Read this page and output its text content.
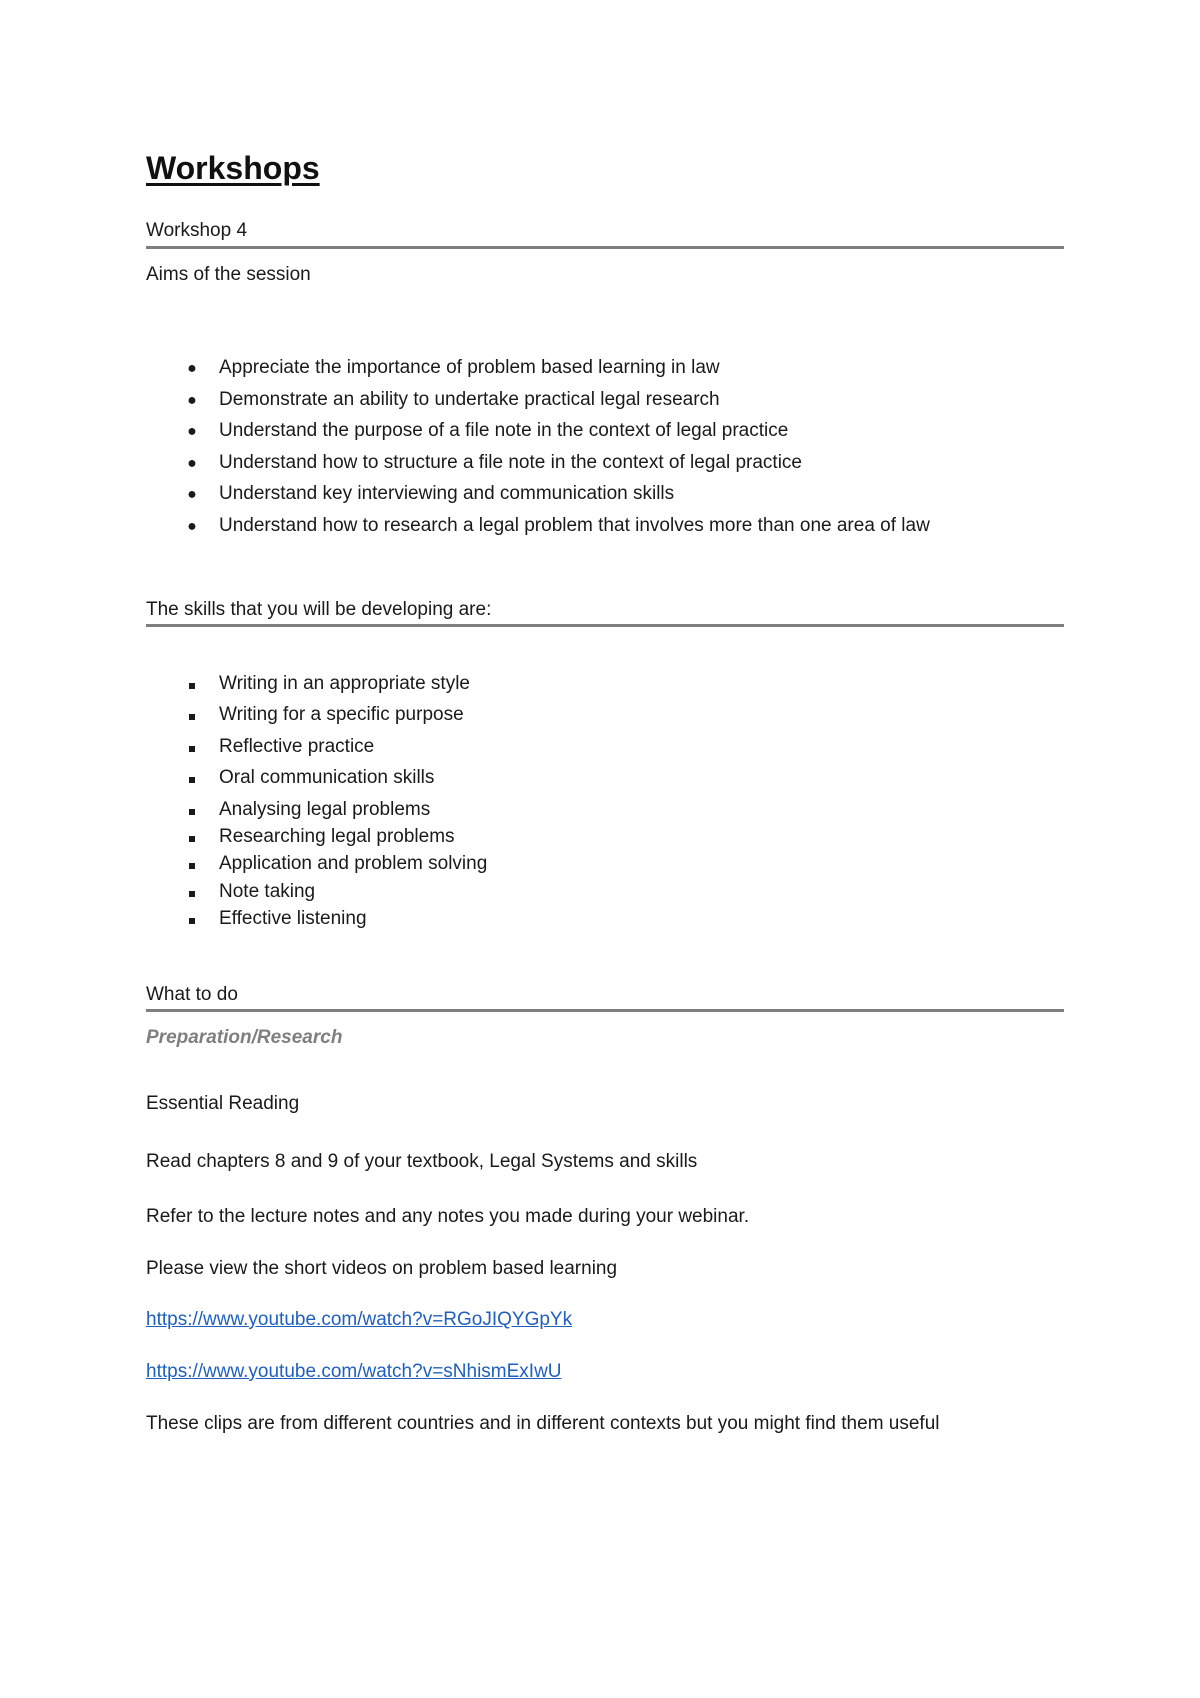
Workshops
Workshop 4
Aims of the session
● Appreciate the importance of problem based learning in law
● Demonstrate an ability to undertake practical legal research
● Understand the purpose of a file note in the context of legal practice
● Understand how to structure a file note in the context of legal practice
● Understand key interviewing and communication skills
● Understand how to research a legal problem that involves more than one area of law
The skills that you will be developing are:
Writing in an appropriate style
Writing for a specific purpose
Reflective practice
Oral communication skills
Analysing legal problems
Researching legal problems
Application and problem solving
Note taking
Effective listening
What to do
Preparation/Research
Essential Reading
Read chapters 8 and 9 of your textbook, Legal Systems and skills
Refer to the lecture notes and any notes you made during your webinar.
Please view the short videos on problem based learning
https://www.youtube.com/watch?v=RGoJIQYGpYk
https://www.youtube.com/watch?v=sNhismExIwU
These clips are from different countries and in different contexts but you might find them useful
